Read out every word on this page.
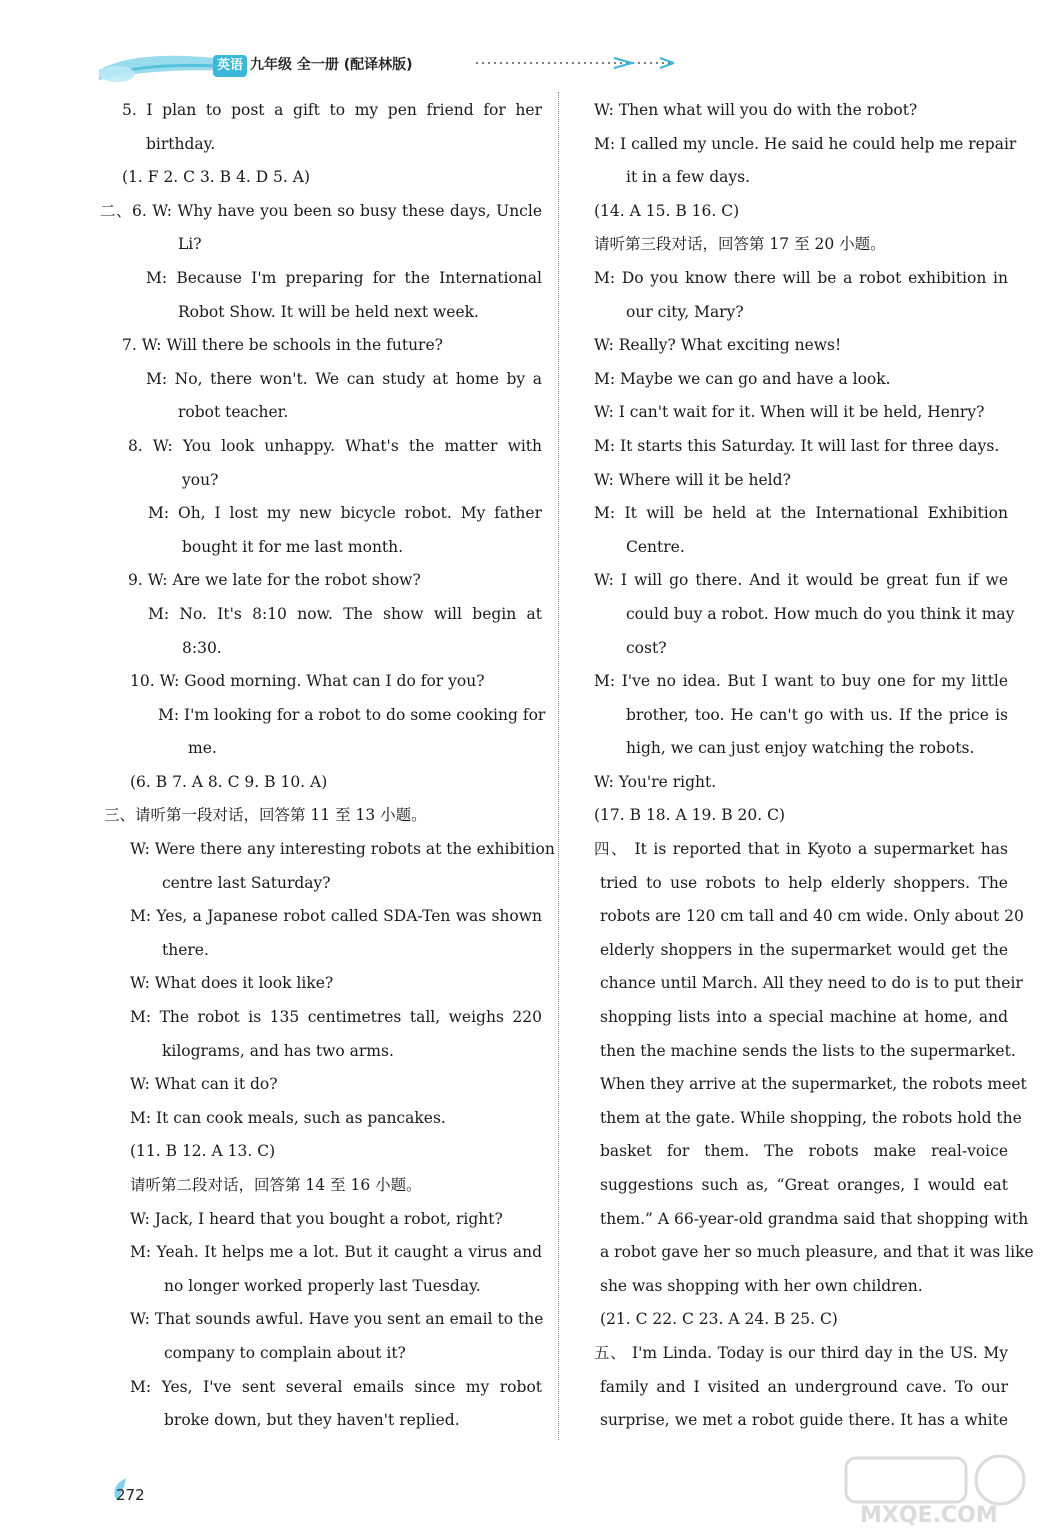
英语 九年级 全一册 (配译林版)
5. I plan to post a gift to my pen friend for her
birthday.
(1. F 2. C 3. B 4. D 5. A)
二、6. W: Why have you been so busy these days, Uncle
Li?
M: Because I'm preparing for the International
Robot Show. It will be held next week.
7. W: Will there be schools in the future?
M: No, there won't. We can study at home by a
robot teacher.
8. W: You look unhappy. What's the matter with
you?
M: Oh, I lost my new bicycle robot. My father
bought it for me last month.
9. W: Are we late for the robot show?
M: No. It's 8:10 now. The show will begin at
8:30.
10. W: Good morning. What can I do for you?
M: I'm looking for a robot to do some cooking for
me.
(6. B 7. A 8. C 9. B 10. A)
三、请听第一段对话，回答第 11 至 13 小题。
W: Were there any interesting robots at the exhibition
centre last Saturday?
M: Yes, a Japanese robot called SDA-Ten was shown
there.
W: What does it look like?
M: The robot is 135 centimetres tall, weighs 220
kilograms, and has two arms.
W: What can it do?
M: It can cook meals, such as pancakes.
(11. B 12. A 13. C)
请听第二段对话，回答第 14 至 16 小题。
W: Jack, I heard that you bought a robot, right?
M: Yeah. It helps me a lot. But it caught a virus and
no longer worked properly last Tuesday.
W: That sounds awful. Have you sent an email to the
company to complain about it?
M: Yes, I've sent several emails since my robot
broke down, but they haven't replied.
W: Then what will you do with the robot?
M: I called my uncle. He said he could help me repair
it in a few days.
(14. A 15. B 16. C)
请听第三段对话，回答第 17 至 20 小题。
M: Do you know there will be a robot exhibition in
our city, Mary?
W: Really? What exciting news!
M: Maybe we can go and have a look.
W: I can't wait for it. When will it be held, Henry?
M: It starts this Saturday. It will last for three days.
W: Where will it be held?
M: It will be held at the International Exhibition
Centre.
W: I will go there. And it would be great fun if we
could buy a robot. How much do you think it may
cost?
M: I've no idea. But I want to buy one for my little
brother, too. He can't go with us. If the price is
high, we can just enjoy watching the robots.
W: You're right.
(17. B 18. A 19. B 20. C)
四、 It is reported that in Kyoto a supermarket has
tried to use robots to help elderly shoppers. The
robots are 120 cm tall and 40 cm wide. Only about 20
elderly shoppers in the supermarket would get the
chance until March. All they need to do is to put their
shopping lists into a special machine at home, and
then the machine sends the lists to the supermarket.
When they arrive at the supermarket, the robots meet
them at the gate. While shopping, the robots hold the
basket for them. The robots make real-voice
suggestions such as, “Great oranges, I would eat
them.” A 66-year-old grandma said that shopping with
a robot gave her so much pleasure, and that it was like
she was shopping with her own children.
(21. C 22. C 23. A 24. B 25. C)
五、 I'm Linda. Today is our third day in the US. My
family and I visited an underground cave. To our
surprise, we met a robot guide there. It has a white
272
MXQE.COM
